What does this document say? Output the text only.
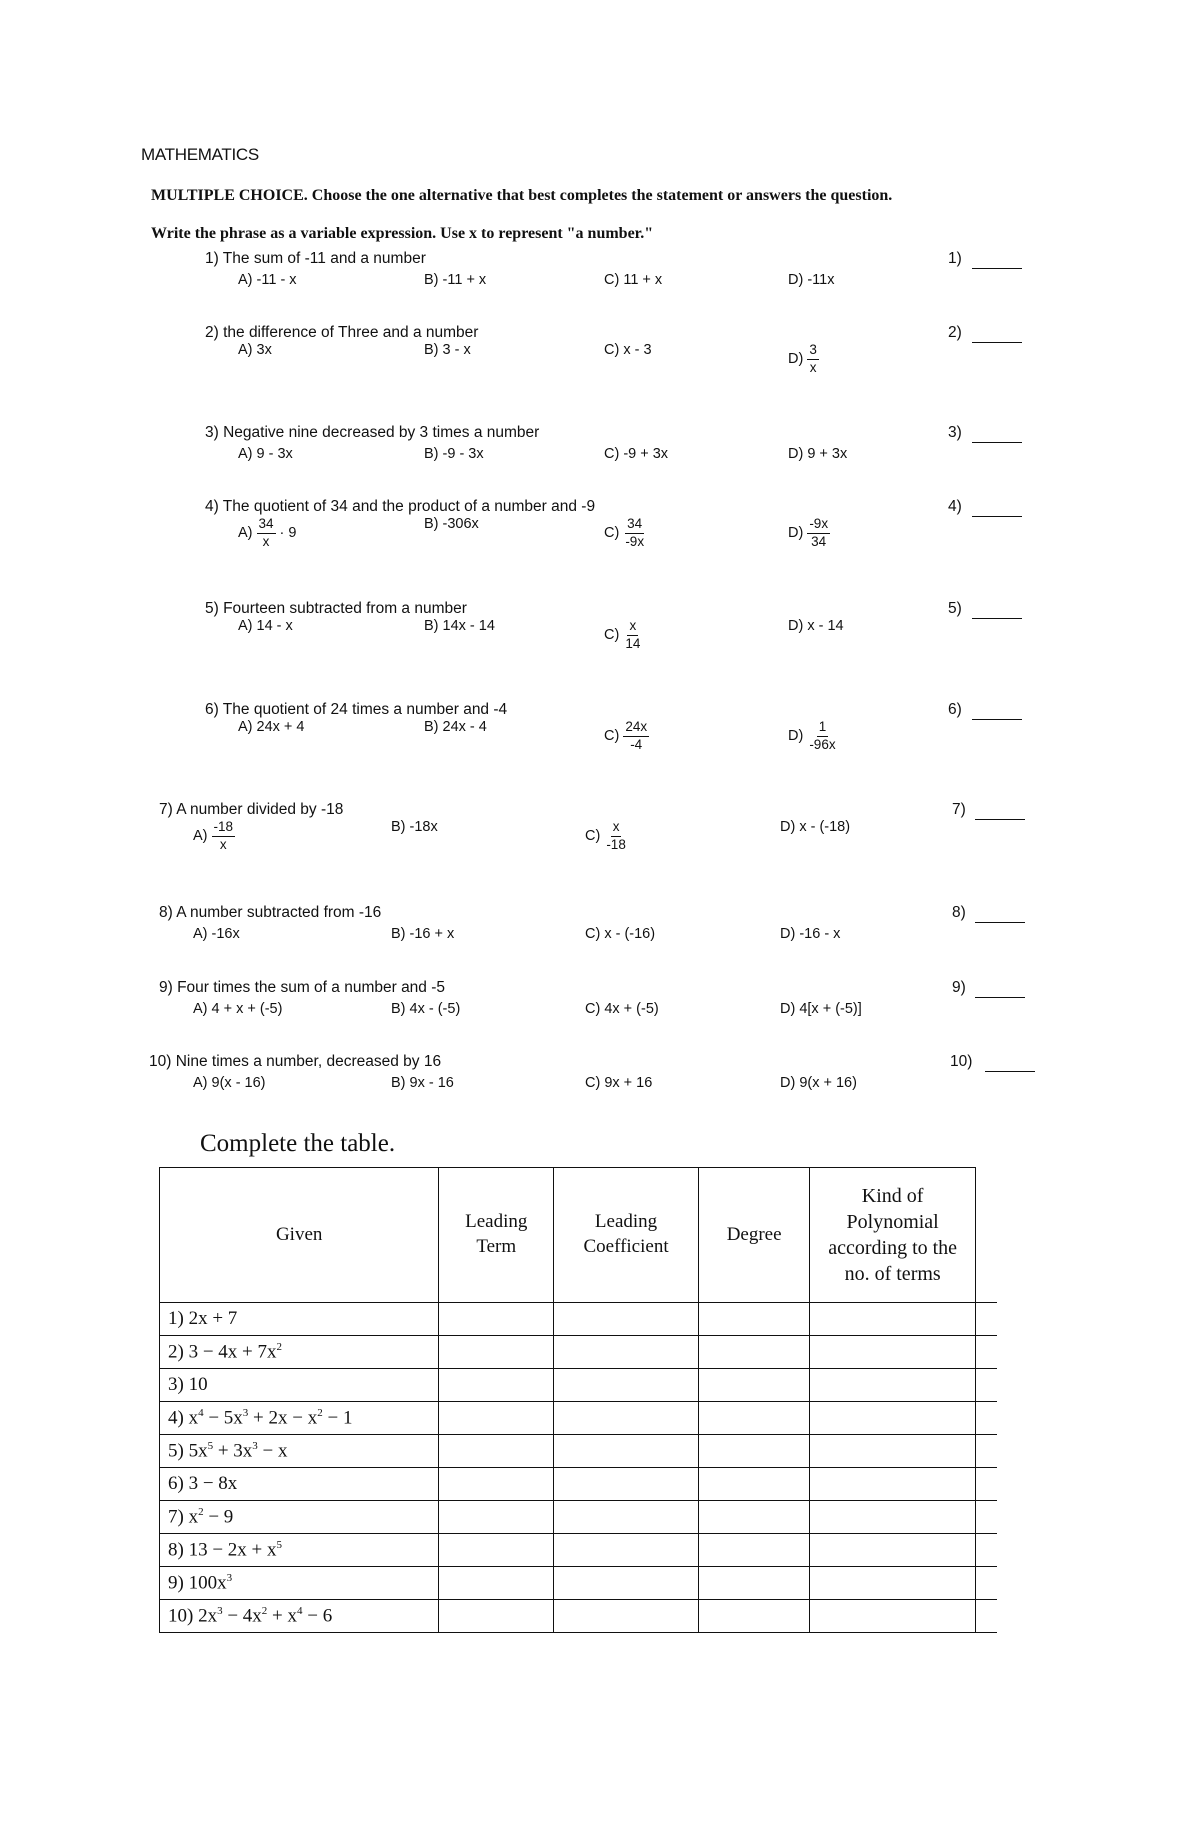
MATHEMATICS
MULTIPLE CHOICE. Choose the one alternative that best completes the statement or answers the question.
Write the phrase as a variable expression. Use x to represent "a number."
1) The sum of -11 and a number	1)
A) -11 - x	B) -11 + x	C) 11 + x	D) -11x
2) the difference of Three and a number	2)
A) 3x	B) 3 - x	C) x - 3
$D) \frac{3}{x}$
3) Negative nine decreased by 3 times a number	3)
A) 9 - 3x	B) -9 - 3x	C) -9 + 3x	D) 9 + 3x
4) The quotient of 34 and the product of a number and -9	4)
$A) \frac{34}{x} \cdot 9$
B) -306x
$C) \frac{34}{-9x}$	$D) \frac{-9x}{34}$
5) Fourteen subtracted from a number	5)
A) 14 - x	B) 14x - 14
$C) \frac{x}{14}$	D) x - 14
6) The quotient of 24 times a number and -4	6)
A) 24x + 4	B) 24x - 4
$C) \frac{24x}{-4}$	$D) \frac{1}{-96x}$
7) A number divided by -18	7)
$A) \frac{-18}{x}$	B) -18x
$C) \frac{x}{-18}$	D) x - (-18)
8) A number subtracted from -16	8)
A) -16x	B) -16 + x	C) x - (-16)	D) -16 - x
9) Four times the sum of a number and -5	9)
A) 4 + x + (-5)	B) 4x - (-5)	C) 4x + (-5)	D) 4[x + (-5)]
10) Nine times a number, decreased by 16	10)
A) 9(x - 16)	B) 9x - 16	C) 9x + 16	D) 9(x + 16)
Complete the table.
Given	Leading Term	Leading Coefficient	Degree	Kind of Polynomial according to the no. of terms	
1) 2x + 7					
2) $3 - 4x + 7x^2$					
3) 10					
4) $x^4 - 5x^3 + 2x - x^2 - 1$					
5) $5x^5 + 3x^3 - x$					
6) 3 − 8x					
7) $x^2 - 9$					
8) $13 - 2x + x^5$					
9) $100x^3$					
10) $2x^3 - 4x^2 + x^4 - 6$					
